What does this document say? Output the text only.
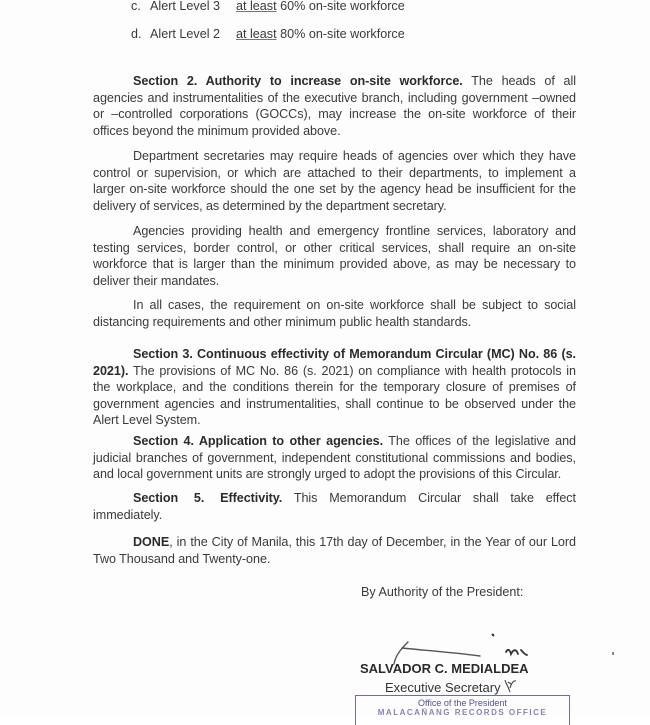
c. Alert Level 3 at least 60% on-site workforce
d. Alert Level 2 at least 80% on-site workforce
Section 2. Authority to increase on-site workforce. The heads of all agencies and instrumentalities of the executive branch, including government –owned or –controlled corporations (GOCCs), may increase the on-site workforce of their offices beyond the minimum provided above.
Department secretaries may require heads of agencies over which they have control or supervision, or which are attached to their departments, to implement a larger on-site workforce should the one set by the agency head be insufficient for the delivery of services, as determined by the department secretary.
Agencies providing health and emergency frontline services, laboratory and testing services, border control, or other critical services, shall require an on-site workforce that is larger than the minimum provided above, as may be necessary to deliver their mandates.
In all cases, the requirement on on-site workforce shall be subject to social distancing requirements and other minimum public health standards.
Section 3. Continuous effectivity of Memorandum Circular (MC) No. 86 (s. 2021). The provisions of MC No. 86 (s. 2021) on compliance with health protocols in the workplace, and the conditions therein for the temporary closure of premises of government agencies and instrumentalities, shall continue to be observed under the Alert Level System.
Section 4. Application to other agencies. The offices of the legislative and judicial branches of government, independent constitutional commissions and bodies, and local government units are strongly urged to adopt the provisions of this Circular.
Section 5. Effectivity. This Memorandum Circular shall take effect immediately.
DONE, in the City of Manila, this 17th day of December, in the Year of our Lord Two Thousand and Twenty-one.
By Authority of the President:
SALVADOR C. MEDIALDEA
Executive Secretary
Office of the President
MALACAÑANG RECORDS OFFICE
